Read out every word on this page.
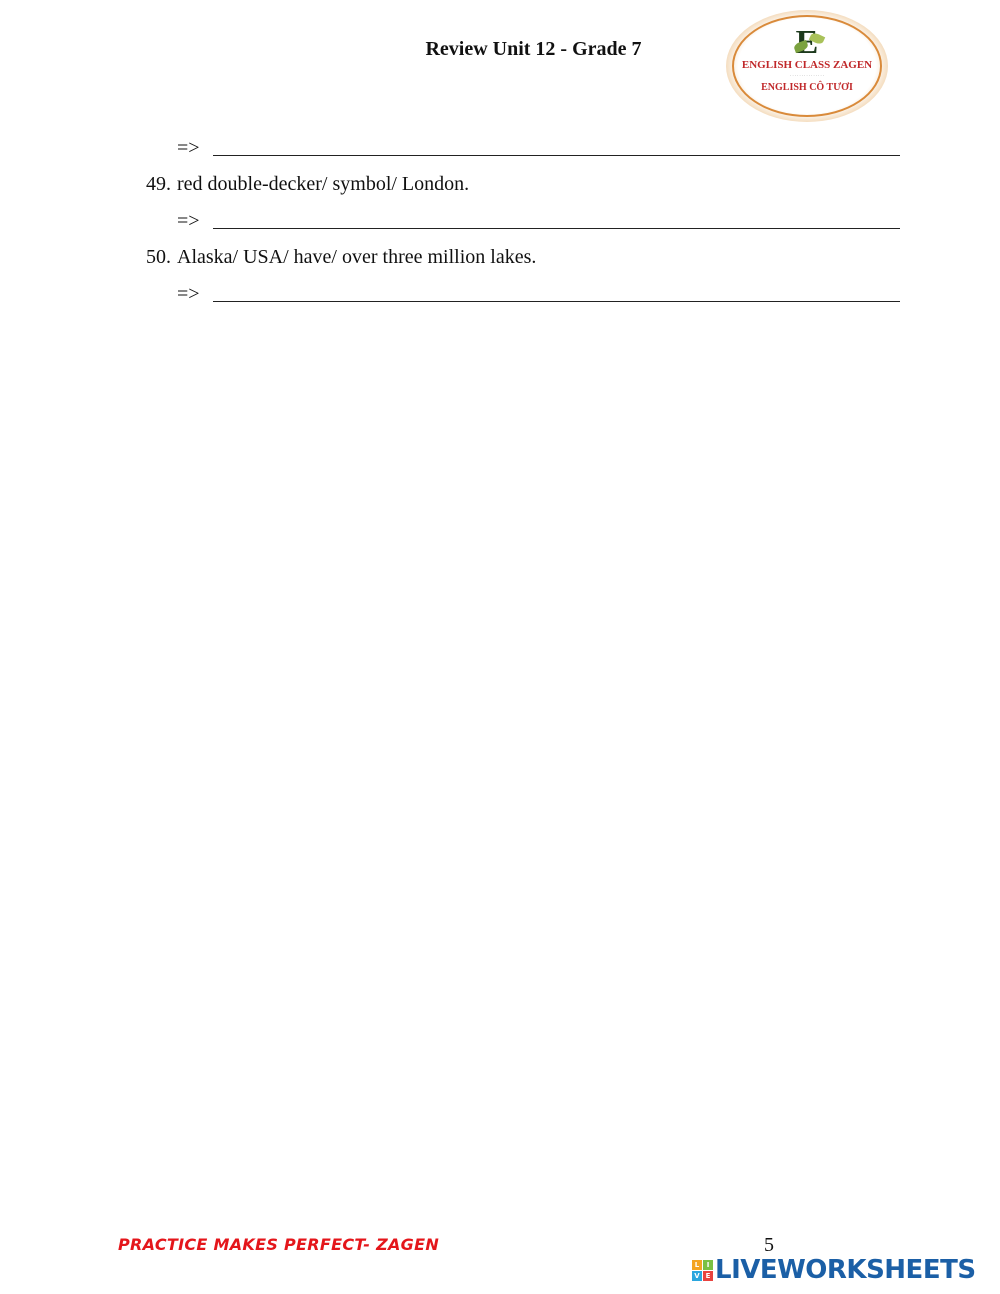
Review Unit 12 - Grade 7
ENGLISH CLASS ZAGEN
· · · · · · · · · · · · · · ·
ENGLISH CÔ TƯƠI
=>
49. red double-decker/ symbol/ London.
=>
50. Alaska/ USA/ have/ over three million lakes.
=>
PRACTICE MAKES PERFECT- ZAGEN	5
L	I
V E LIVEWORKSHEETS
